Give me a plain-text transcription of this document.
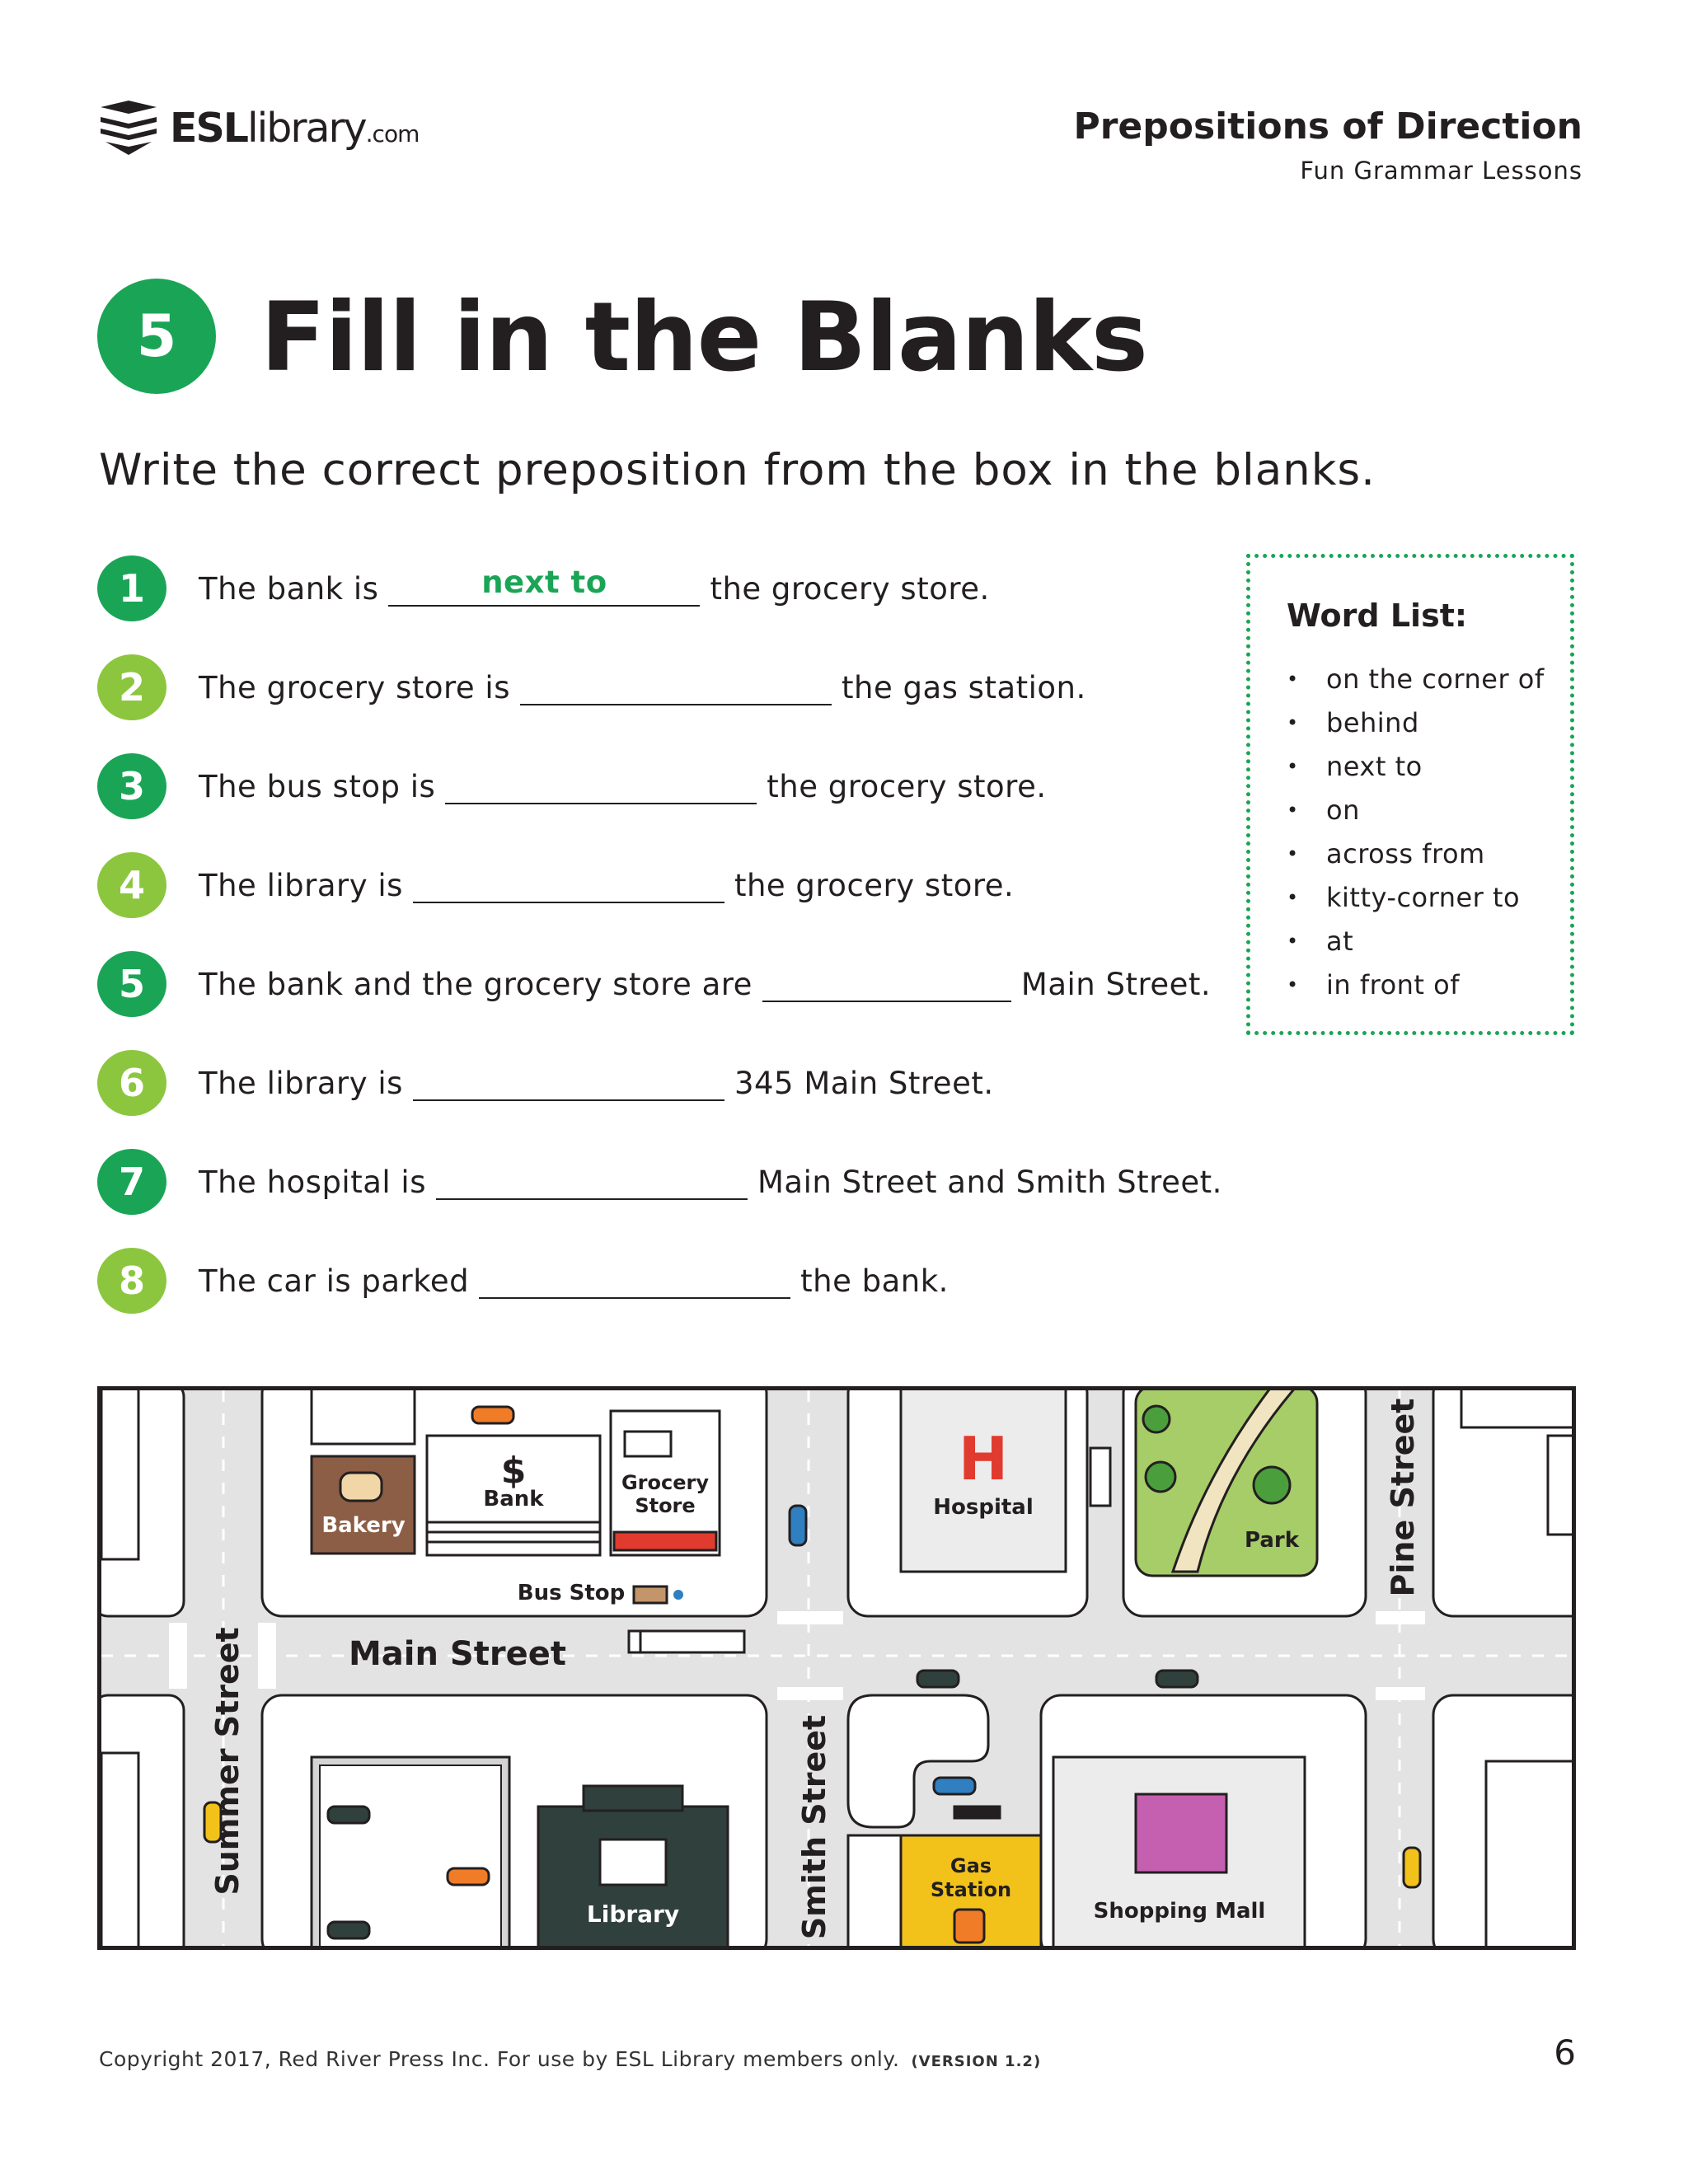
ESLlibrary.com	Prepositions of Direction
Fun Grammar Lessons
5 Fill in the Blanks
Write the correct preposition from the box in the blanks.
1	The bank is	next to	the grocery store.
2	The grocery store is	the gas station.
3	The bus stop is	the grocery store.
4	The library is	the grocery store.
5	The bank and the grocery store are	Main Street.
6	The library is	345 Main Street.
7	The hospital is	Main Street and Smith Street.
8	The car is parked	the bank.
Word List:
•	on the corner of
•	behind
•	next to
•	on
•	across from
•	kitty-corner to
•	at
•	in front of
Bakery
$
Bank
Grocery
Store
Bus Stop
H
Hospital
Park
Library
Gas
Station
Shopping Mall
Main Street
Summer Street	Smith Street
Pine Street
Copyright 2017, Red River Press Inc. For use by ESL Library members only. (VERSION 1.2)	6
